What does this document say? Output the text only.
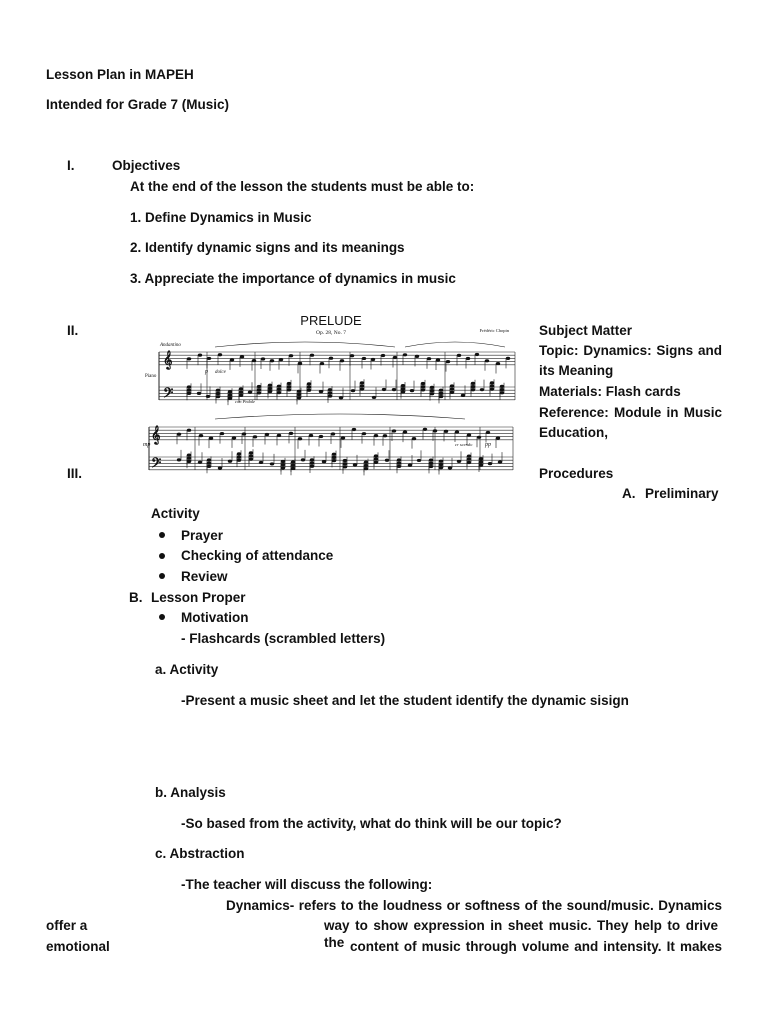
Lesson Plan in MAPEH
Intended for Grade 7 (Music)
I.	Objectives
At the end of the lesson the students must be able to:
1. Define Dynamics in Music
2. Identify dynamic signs and its meanings
3. Appreciate the importance of dynamics in music
II.
PRELUDE
Op. 28, No. 7	Frédéric Chopin
Andantino
Piano
𝄞
𝄢
𝄞
𝄢
p dolce
con Pedale
mp	pp
cr scendo
Subject Matter
Topic: Dynamics: Signs and
its Meaning
Materials: Flash cards
Reference: Module in Music
Education,
III.	Procedures
A. Preliminary
Activity
Prayer
Checking of attendance
Review
B. Lesson Proper
Motivation
- Flashcards (scrambled letters)
a. Activity
-Present a music sheet and let the student identify the dynamic sisign
b. Analysis
-So based from the activity, what do think will be our topic?
c. Abstraction
-The teacher will discuss the following:
Dynamics- refers to the loudness or softness of the sound/music. Dynamics
offer a	way to show expression in sheet music. They help to drive the
emotional	content of music through volume and intensity. It makes
